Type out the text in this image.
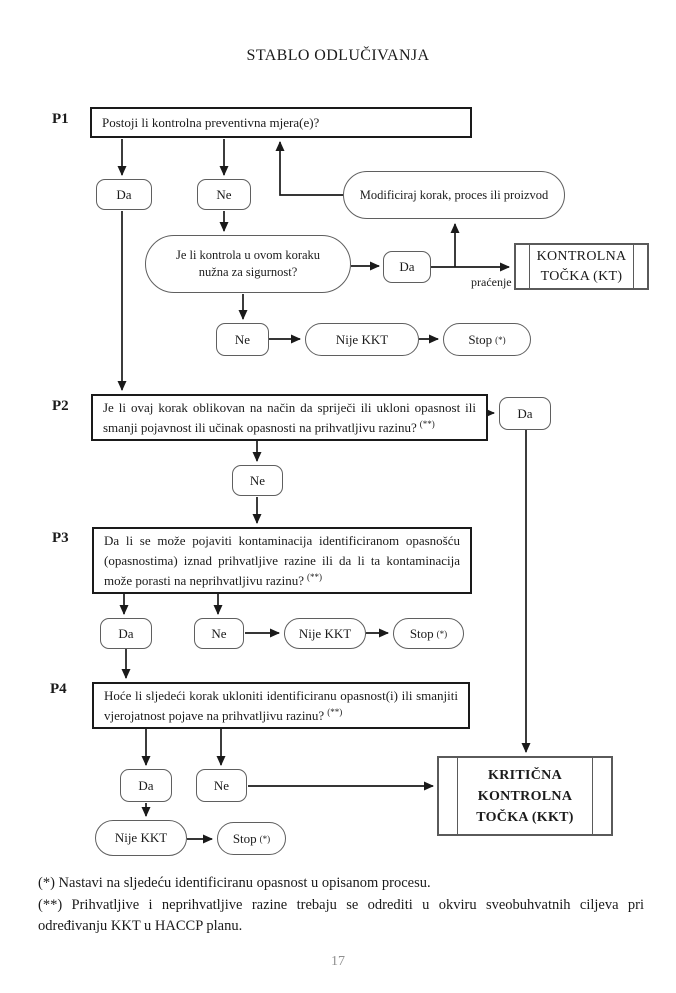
STABLO ODLUČIVANJA
P1	Postoji li kontrolna preventivna mjera(e)?
Da	Ne	Modificiraj korak, proces ili proizvod
Je li kontrola u ovom koraku nužna za sigurnost?	Da
praćenje
KONTROLNA
TOČKA (KT)
Ne	Nije KKT	Stop (*)
P2	Je li ovaj korak oblikovan na način da spriječi ili ukloni opasnost ili smanji pojavnost ili učinak opasnosti na prihvatljivu razinu? (**)
Da
Ne
P3	Da li se može pojaviti kontaminacija identificiranom opasnošću (opasnostima) iznad prihvatljive razine ili da li ta kontaminacija može porasti na neprihvatljivu razinu? (**)
Da	Ne	Nije KKT	Stop (*)
P4	Hoće li sljedeći korak ukloniti identificiranu opasnost(i) ili smanjiti vjerojatnost pojave na prihvatljivu razinu? (**)
Da	Ne
Nije KKT	Stop (*)
KRITIČNA
KONTROLNA
TOČKA (KKT)
(*) Nastavi na sljedeću identificiranu opasnost u opisanom procesu.
(**) Prihvatljive i neprihvatljive razine trebaju se odrediti u okviru sveobuhvatnih ciljeva pri određivanju KKT u HACCP planu.
17
